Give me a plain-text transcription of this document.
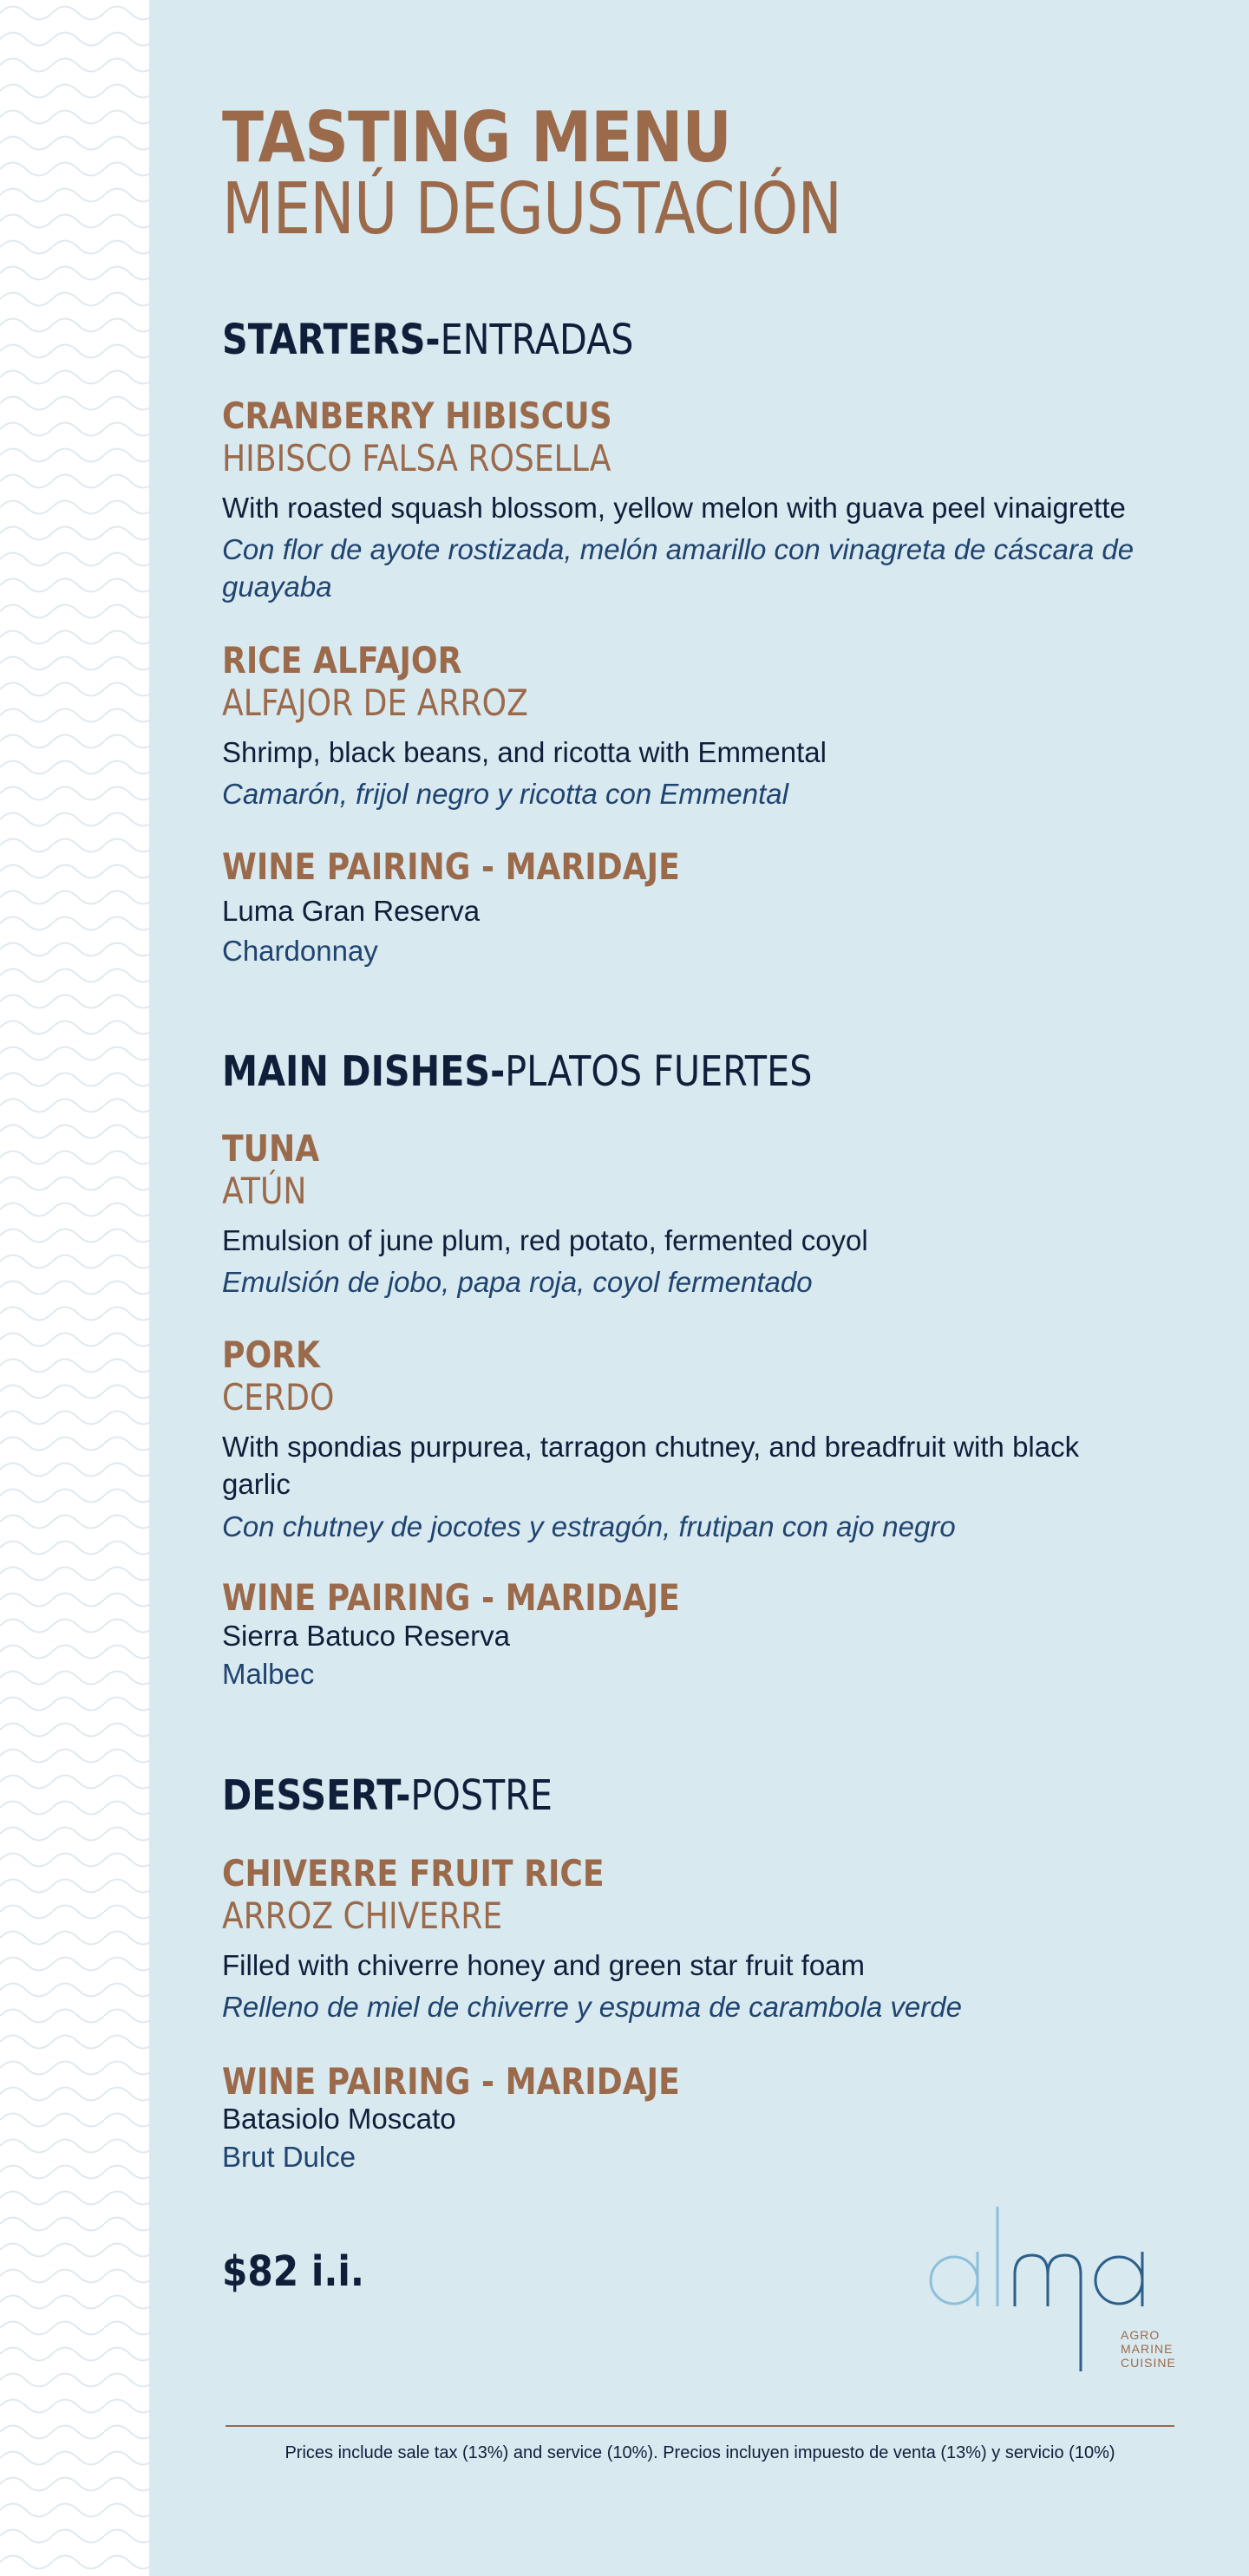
TASTING MENU
MENÚ DEGUSTACIÓN
STARTERS-ENTRADAS
CRANBERRY HIBISCUS
HIBISCO FALSA ROSELLA
With roasted squash blossom, yellow melon with guava peel vinaigrette
Con flor de ayote rostizada, melón amarillo con vinagreta de cáscara de guayaba
RICE ALFAJOR
ALFAJOR DE ARROZ
Shrimp, black beans, and ricotta with Emmental
Camarón, frijol negro y ricotta con Emmental
WINE PAIRING - MARIDAJE
Luma Gran Reserva
Chardonnay
MAIN DISHES-PLATOS FUERTES
TUNA
ATÚN
Emulsion of june plum, red potato, fermented coyol
Emulsión de jobo, papa roja, coyol fermentado
PORK
CERDO
With spondias purpurea, tarragon chutney, and breadfruit with black garlic
Con chutney de jocotes y estragón, frutipan con ajo negro
WINE PAIRING - MARIDAJE
Sierra Batuco Reserva
Malbec
DESSERT-POSTRE
CHIVERRE FRUIT RICE
ARROZ CHIVERRE
Filled with chiverre honey and green star fruit foam
Relleno de miel de chiverre y espuma de carambola verde
WINE PAIRING - MARIDAJE
Batasiolo Moscato
Brut Dulce
$82 i.i.
AGRO
MARINE
CUISINE
Prices include sale tax (13%) and service (10%). Precios incluyen impuesto de venta (13%) y servicio (10%)
